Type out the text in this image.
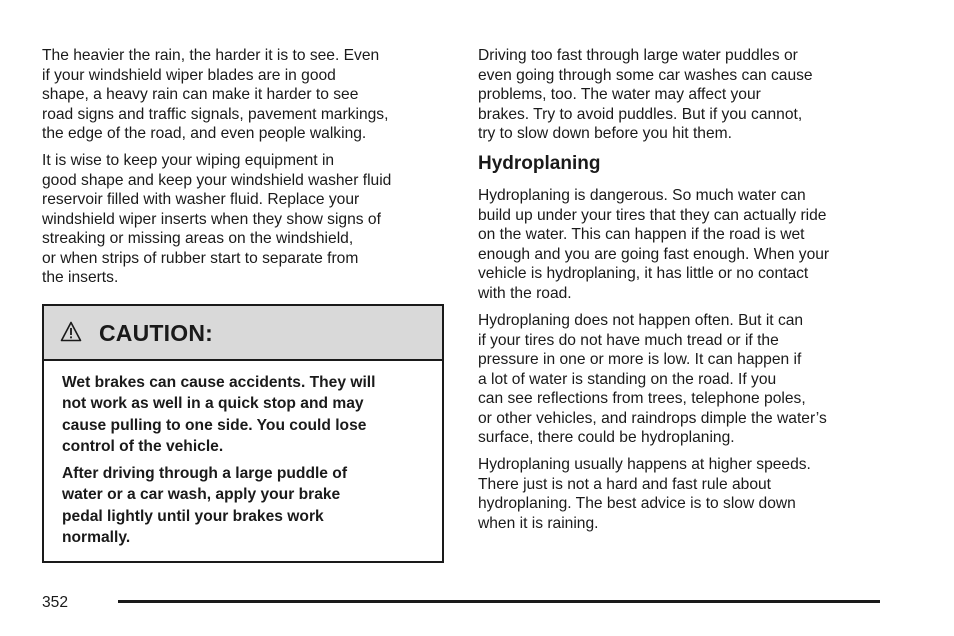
The heavier the rain, the harder it is to see. Even
if your windshield wiper blades are in good
shape, a heavy rain can make it harder to see
road signs and traffic signals, pavement markings,
the edge of the road, and even people walking.

It is wise to keep your wiping equipment in
good shape and keep your windshield washer fluid
reservoir filled with washer fluid. Replace your
windshield wiper inserts when they show signs of
streaking or missing areas on the windshield,
or when strips of rubber start to separate from
the inserts.

CAUTION:

Wet brakes can cause accidents. They will
not work as well in a quick stop and may
cause pulling to one side. You could lose
control of the vehicle.

After driving through a large puddle of
water or a car wash, apply your brake
pedal lightly until your brakes work
normally.

Driving too fast through large water puddles or
even going through some car washes can cause
problems, too. The water may affect your
brakes. Try to avoid puddles. But if you cannot,
try to slow down before you hit them.

Hydroplaning

Hydroplaning is dangerous. So much water can
build up under your tires that they can actually ride
on the water. This can happen if the road is wet
enough and you are going fast enough. When your
vehicle is hydroplaning, it has little or no contact
with the road.

Hydroplaning does not happen often. But it can
if your tires do not have much tread or if the
pressure in one or more is low. It can happen if
a lot of water is standing on the road. If you
can see reflections from trees, telephone poles,
or other vehicles, and raindrops dimple the water’s
surface, there could be hydroplaning.

Hydroplaning usually happens at higher speeds.
There just is not a hard and fast rule about
hydroplaning. The best advice is to slow down
when it is raining.

352
